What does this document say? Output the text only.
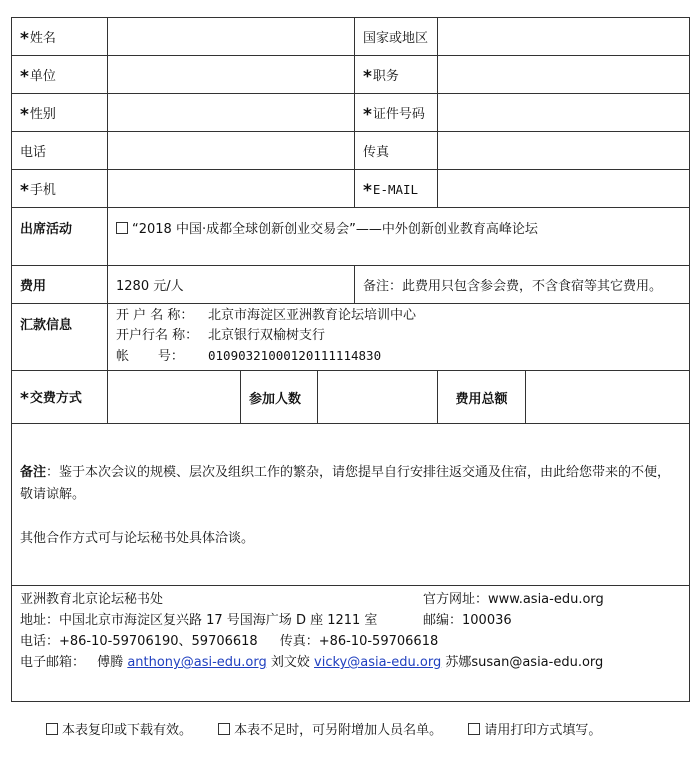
*姓名				国家或地区		
*单位				*职务		
*性别				*证件号码		
电话				传真		
*手机				*E-MAIL		
出席活动	“2018 中国·成都全球创新创业交易会”——中外创新创业教育高峰论坛					
费用	1280 元/人			备注：此费用只包含参会费，不含食宿等其它费用。		
汇款信息	开 户 名 称： 北京市海淀区亚洲教育论坛培训中心
开户行名 称： 北京银行双榆树支行
帐       号： 01090321000120111114830					

*交费方式		参加人数			费用总额	

备注：鉴于本次会议的规模、层次及组织工作的繁杂，请您提早自行安排往返交通及住宿，由此给您带来的不便，敬请谅解。

其他合作方式可与论坛秘书处具体洽谈。						

亚洲教育北京论坛秘书处 官方网址：www.asia-edu.org
地址：中国北京市海淀区复兴路 17 号国海广场 D 座 1211 室 邮编：100036
电话：+86-10-59706190、59706618 传真：+86-10-59706618
电子邮箱： 傅腾 anthony@asi-edu.org 刘文姣 vicky@asia-edu.org 苏娜susan@asia-edu.org						
本表复印或下载有效。	本表不足时，可另附增加人员名单。	请用打印方式填写。
